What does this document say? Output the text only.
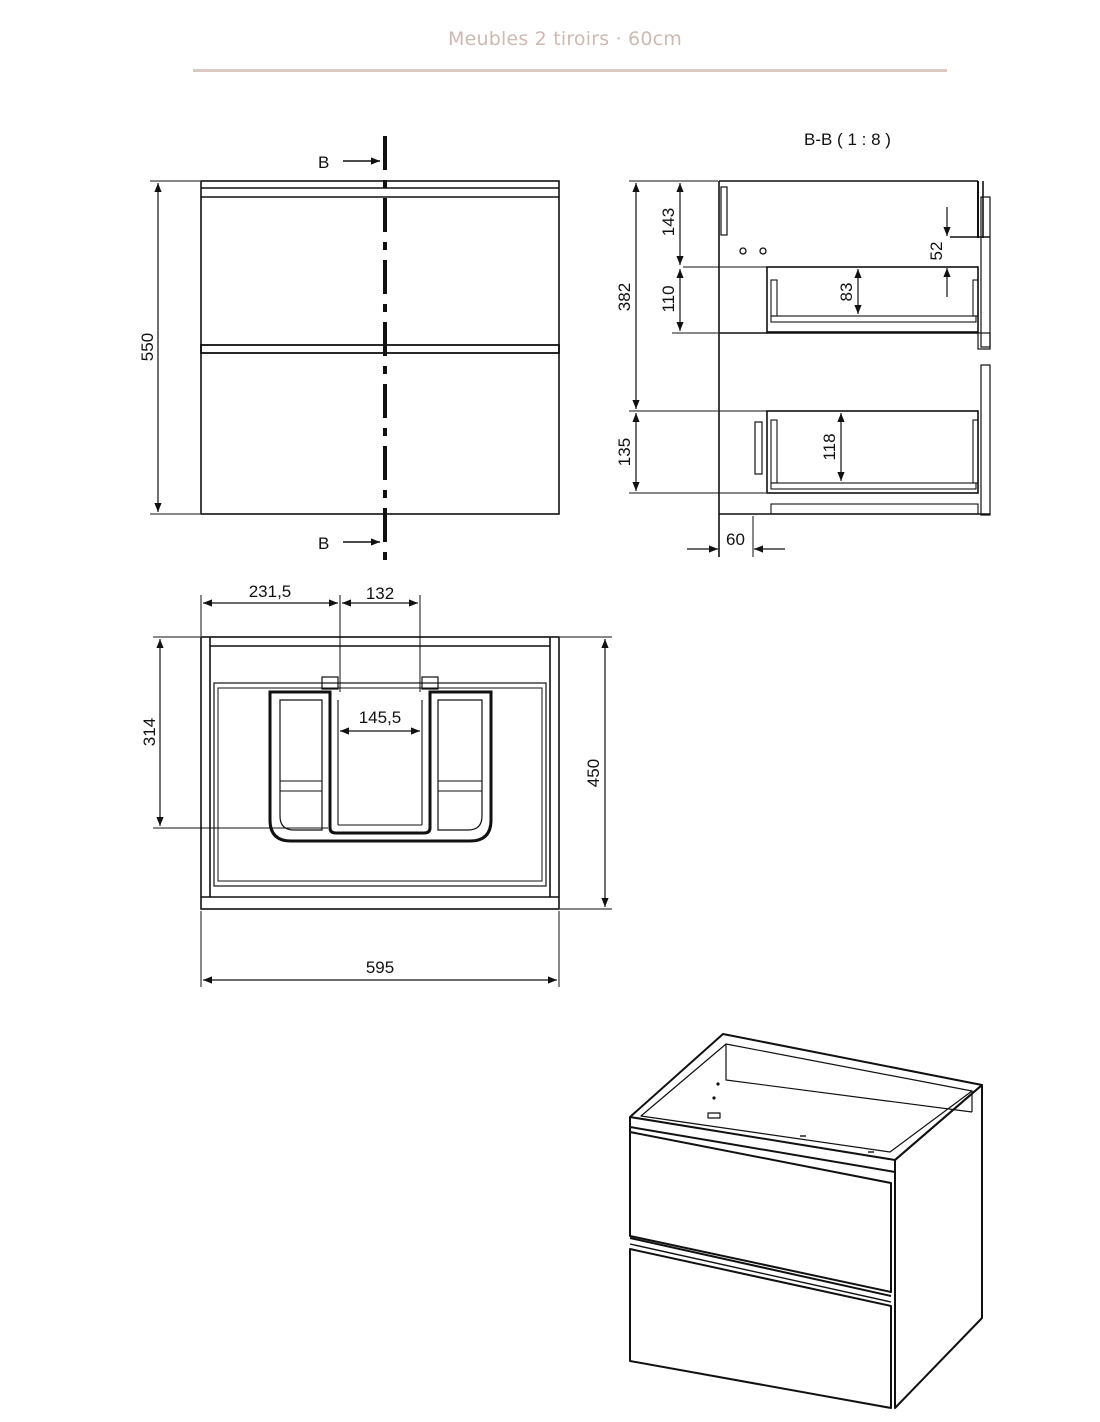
Meubles 2 tiroirs · 60cm
B
B
550
B-B ( 1 : 8 )
382
135
143
110	83
118
52
60
231,5	132
145,5
314
450
595
